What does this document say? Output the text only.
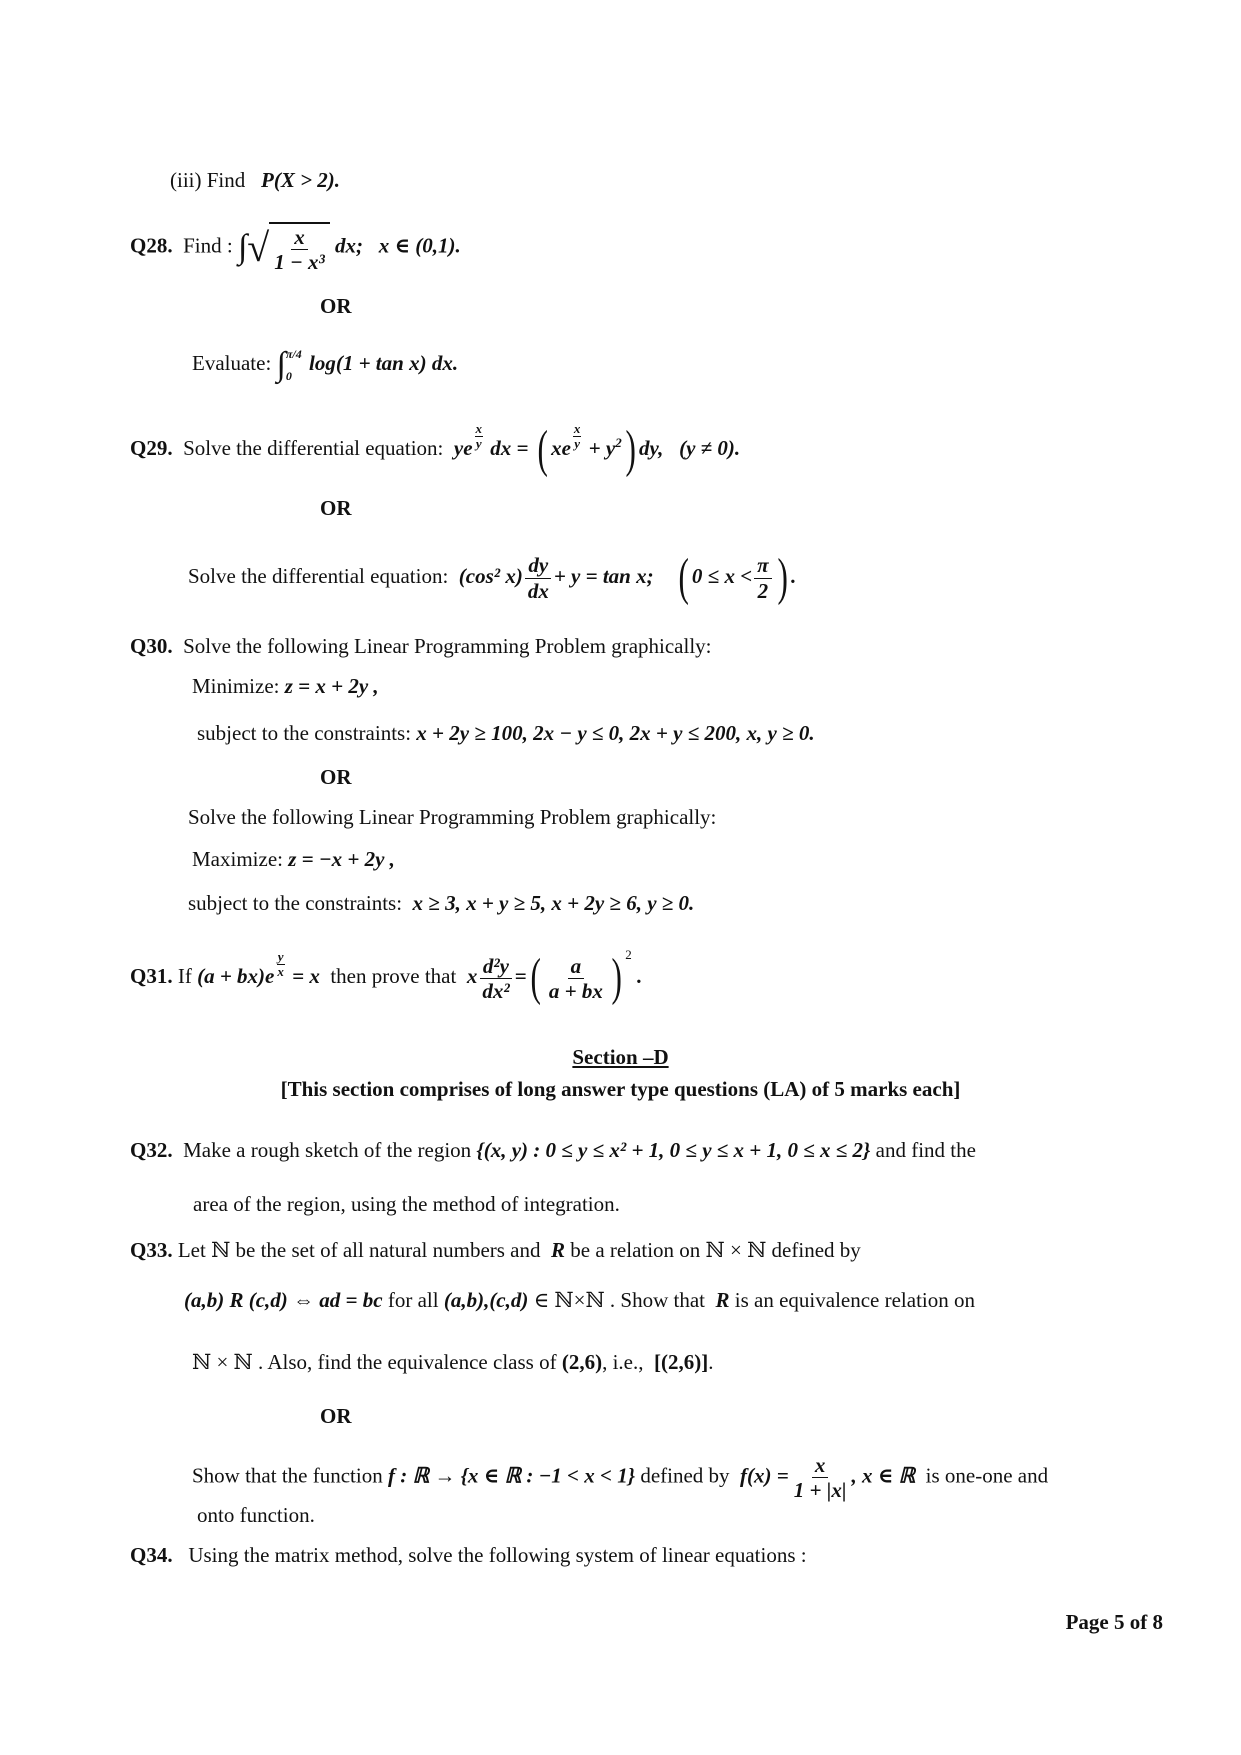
(iii) Find P(X > 2).
Q28. Find : ∫ √ $\frac{x}{\text{1 − x³}}$ dx; x ∈ (0,1).
OR
Evaluate: ∫ π/4
0
log(1 + tan x) dx.
Q29. Solve the differential equation: ye $\frac{x}{y}$ dx = ( xe $\frac{x}{y} + y^2$) dy, (y ≠ 0).
OR
Solve the differential equation: (cos² $x) \frac{dy}{dx} + y = \tan x$; ( $0 \le x < \frac{\pi}{2}$ ) .
Q30. Solve the following Linear Programming Problem graphically:
Minimize: z = x + 2y ,
subject to the constraints: x + 2y ≥ 100, 2x − y ≤ 0, 2x + y ≤ 200, x, y ≥ 0.
OR
Solve the following Linear Programming Problem graphically:
Maximize: z = −x + 2y ,
subject to the constraints: x ≥ 3, x + y ≥ 5, x + 2y ≥ 6, y ≥ 0.
Q31. If $(a + bx)e \frac{y}{x} = x$ then prove that x $\frac{\text{d²y}}{\text{dx²}}$ =( $\frac{a}{a + bx}$ ) $^2$ .
Section –D
[This section comprises of long answer type questions (LA) of 5 marks each]
Q32. Make a rough sketch of the region {(x, y) : 0 ≤ y ≤ x² + 1, 0 ≤ y ≤ x + 1, 0 ≤ x ≤ 2} and find the
area of the region, using the method of integration.
Q33. Let ℕ be the set of all natural numbers and R be a relation on ℕ × ℕ defined by
(a,b) R (c,d) ⇔ ad = bc for all (a,b),(c,d) ∈ ℕ×ℕ . Show that R is an equivalence relation on
ℕ × ℕ . Also, find the equivalence class of (2,6), i.e., [(2,6)].
OR
Show that the function f : ℝ → {x ∈ ℝ : −1 < x < 1} defined by $f(x) = \frac{x}{1 + |x|}$ , x ∈ ℝ is one-one and
onto function.
Q34. Using the matrix method, solve the following system of linear equations :
Page 5 of 8
